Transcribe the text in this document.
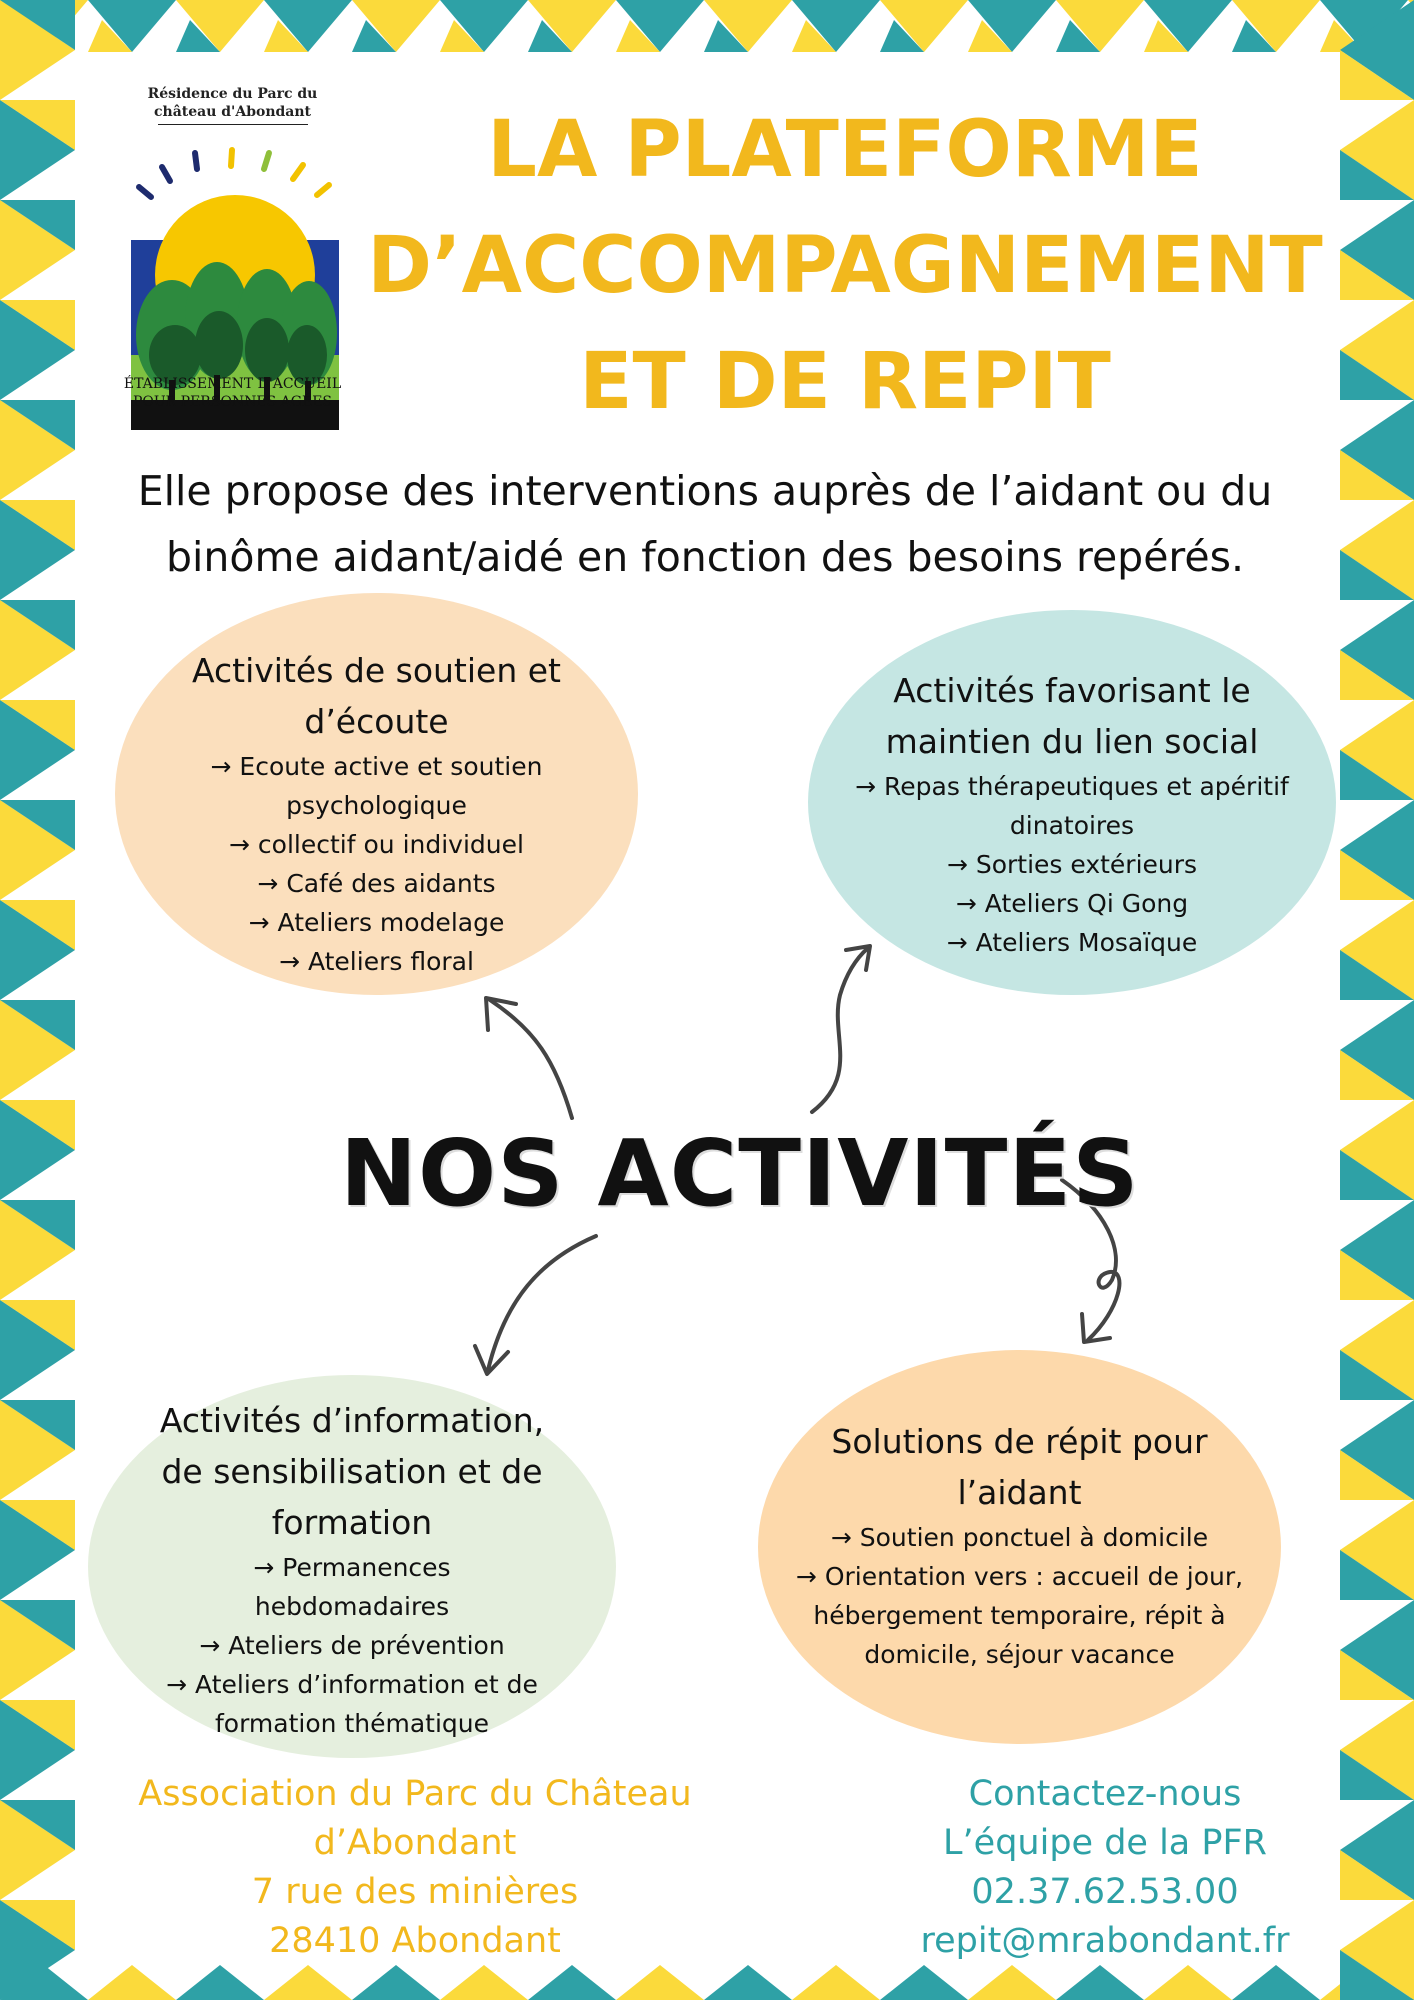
Résidence du Parc du
château d'Abondant
ÉTABLISSEMENT D'ACCUEIL
POUR PERSONNES AGÉES
LA PLATEFORME
D’ACCOMPAGNEMENT
ET DE REPIT
Elle propose des interventions auprès de l’aidant ou du
binôme aidant/aidé en fonction des besoins repérés.
Activités de soutien et
d’écoute
→ Ecoute active et soutien
psychologique
→ collectif ou individuel
→ Café des aidants
→ Ateliers modelage
→ Ateliers floral
Activités favorisant le
maintien du lien social
→ Repas thérapeutiques et apéritif
dinatoires
→ Sorties extérieurs
→ Ateliers Qi Gong
→ Ateliers Mosaïque
NOS ACTIVITÉS
Activités d’information,
de sensibilisation et de
formation
→ Permanences
hebdomadaires
→ Ateliers de prévention
→ Ateliers d’information et de
formation thématique
Solutions de répit pour
l’aidant
→ Soutien ponctuel à domicile
→ Orientation vers : accueil de jour,
hébergement temporaire, répit à
domicile, séjour vacance
Association du Parc du Château
d’Abondant
7 rue des minières
28410 Abondant
Contactez-nous
L’équipe de la PFR
02.37.62.53.00
repit@mrabondant.fr
